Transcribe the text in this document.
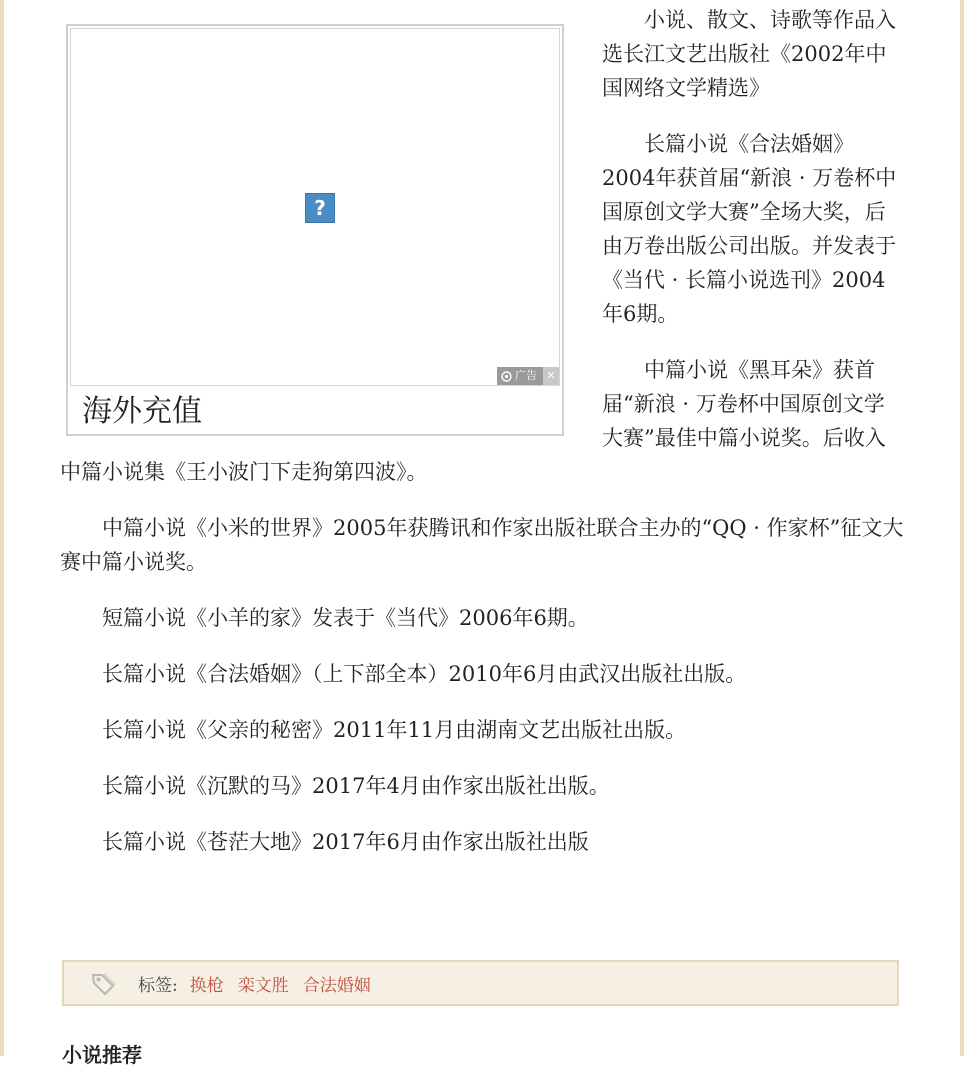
?
广告 ✕
海外充值

小说、散文、诗歌等作品入选长江文艺出版社《2002年中国网络文学精选》

长篇小说《合法婚姻》2004年获首届“新浪 · 万卷杯中国原创文学大赛”全场大奖，后由万卷出版公司出版。并发表于《当代 · 长篇小说选刊》2004年6期。

中篇小说《黑耳朵》获首届“新浪 · 万卷杯中国原创文学大赛”最佳中篇小说奖。后收入中篇小说集《王小波门下走狗第四波》。

中篇小说《小米的世界》2005年获腾讯和作家出版社联合主办的“QQ · 作家杯”征文大赛中篇小说奖。

短篇小说《小羊的家》发表于《当代》2006年6期。

长篇小说《合法婚姻》（上下部全本）2010年6月由武汉出版社出版。

长篇小说《父亲的秘密》2011年11月由湖南文艺出版社出版。

长篇小说《沉默的马》2017年4月由作家出版社出版。

长篇小说《苍茫大地》2017年6月由作家出版社出版

标签: 换枪 栾文胜 合法婚姻
小说推荐
